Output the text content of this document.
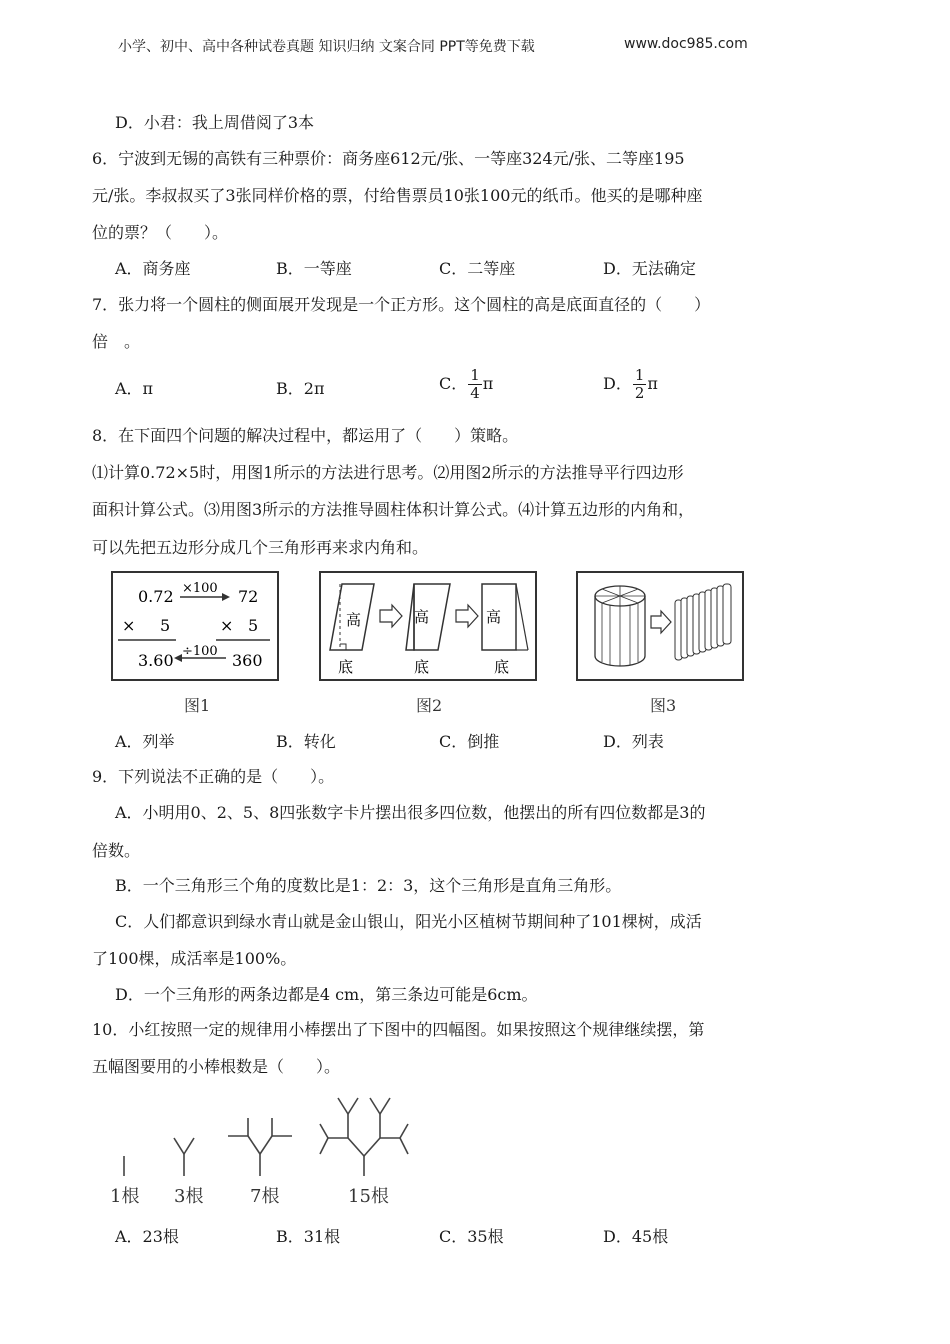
小学、初中、高中各种试卷真题 知识归纳 文案合同 PPT等免费下载	www.doc985.com
D．小君：我上周借阅了3本
6．宁波到无锡的高铁有三种票价：商务座612元/张、一等座324元/张、二等座195
元/张。李叔叔买了3张同样价格的票，付给售票员10张100元的纸币。他买的是哪种座
位的票？（　　）。
A．商务座	B．一等座	C．二等座	D．无法确定
7．张力将一个圆柱的侧面展开发现是一个正方形。这个圆柱的高是底面直径的（　　）
倍　。
A．π	B．2π	C． $\frac{1}{4}$ π	D． $\frac{1}{2}$ π
8．在下面四个问题的解决过程中，都运用了（　　）策略。
⑴计算0.72×5时，用图1所示的方法进行思考。⑵用图2所示的方法推导平行四边形
面积计算公式。⑶用图3所示的方法推导圆柱体积计算公式。⑷计算五边形的内角和，
可以先把五边形分成几个三角形再来求内角和。
0.72 ×100 72
× 5	× 5
÷100
3.60	360
图1
高
底
高
底
高
底
图2	图3
A．列举	B．转化	C．倒推	D．列表
9．下列说法不正确的是（　　）。
A．小明用0、2、5、8四张数字卡片摆出很多四位数，他摆出的所有四位数都是3的
倍数。
B．一个三角形三个角的度数比是1：2：3，这个三角形是直角三角形。
C．人们都意识到绿水青山就是金山银山，阳光小区植树节期间种了101棵树，成活
了100棵，成活率是100%。
D．一个三角形的两条边都是4 cm，第三条边可能是6cm。
10．小红按照一定的规律用小棒摆出了下图中的四幅图。如果按照这个规律继续摆，第
五幅图要用的小棒根数是（　　）。
1根 3根	7根	15根
A．23根	B．31根	C．35根	D．45根
